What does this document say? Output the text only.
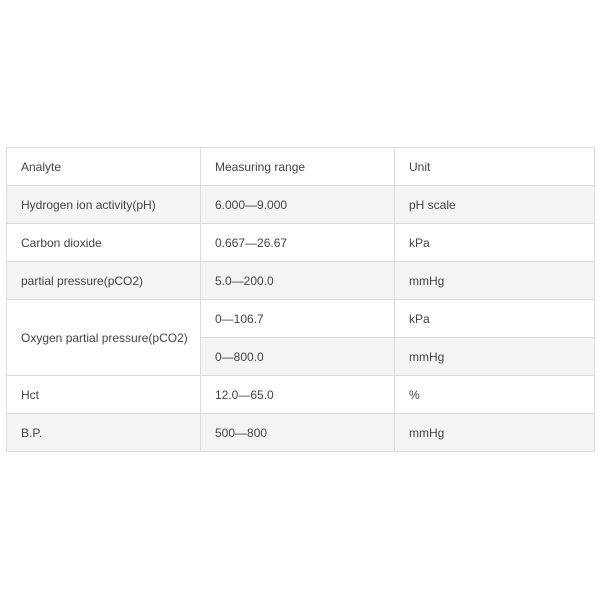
Analyte	Measuring range	Unit
Hydrogen ion activity(pH)	6.000—9.000	pH scale
Carbon dioxide	0.667—26.67	kPa
partial pressure(pCO2)	5.0—200.0	mmHg
Oxygen partial pressure(pCO2)	0—106.7	kPa
	0—800.0	mmHg
Hct	12.0—65.0	%
B.P.	500—800	mmHg
